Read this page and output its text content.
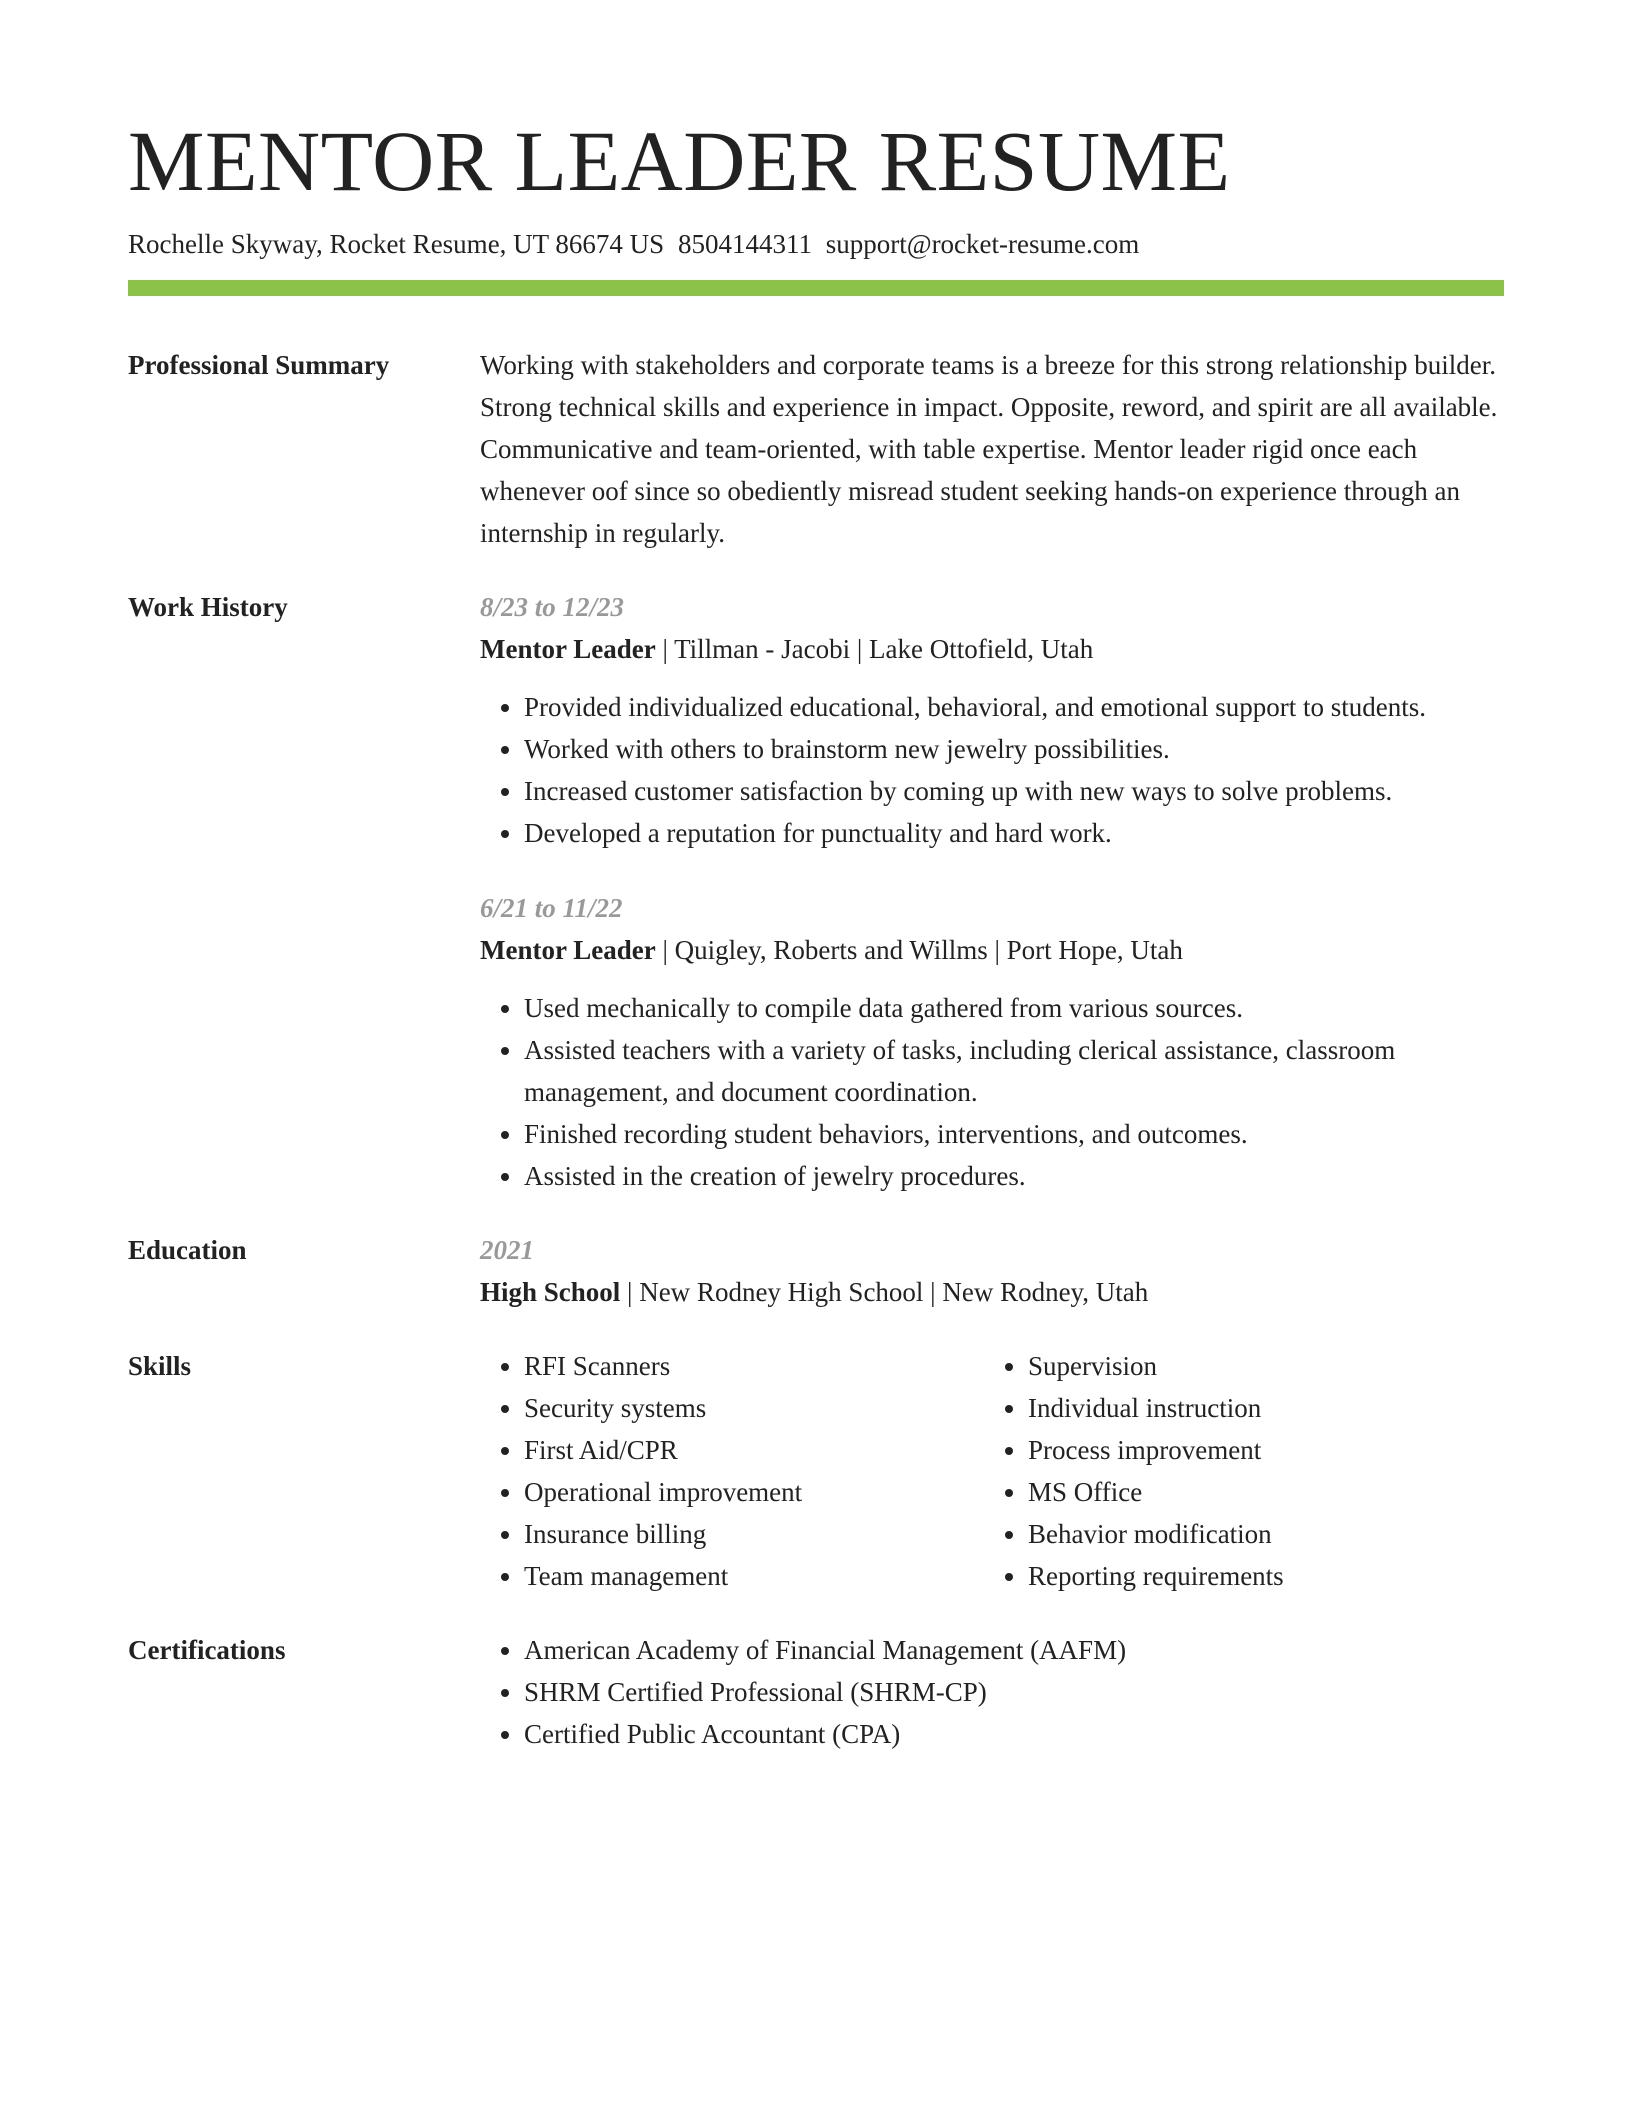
MENTOR LEADER RESUME
Rochelle Skyway, Rocket Resume, UT 86674 US 8504144311 support@rocket-resume.com
Professional Summary	Working with stakeholders and corporate teams is a breeze for this strong relationship builder. Strong technical skills and experience in impact. Opposite, reword, and spirit are all available. Communicative and team-oriented, with table expertise. Mentor leader rigid once each whenever oof since so obediently misread student seeking hands-on experience through an internship in regularly.
Work History	8/23 to 12/23
Mentor Leader | Tillman - Jacobi | Lake Ottofield, Utah
• Provided individualized educational, behavioral, and emotional support to students.
• Worked with others to brainstorm new jewelry possibilities.
• Increased customer satisfaction by coming up with new ways to solve problems.
• Developed a reputation for punctuality and hard work.
6/21 to 11/22
Mentor Leader | Quigley, Roberts and Willms | Port Hope, Utah
• Used mechanically to compile data gathered from various sources.
• Assisted teachers with a variety of tasks, including clerical assistance, classroom management, and document coordination.
• Finished recording student behaviors, interventions, and outcomes.
• Assisted in the creation of jewelry procedures.
Education	2021
High School | New Rodney High School | New Rodney, Utah
Skills	• RFI Scanners
• Security systems
• First Aid/CPR
• Operational improvement
• Insurance billing
• Team management
• Supervision
• Individual instruction
• Process improvement
• MS Office
• Behavior modification
• Reporting requirements
Certifications	• American Academy of Financial Management (AAFM)
• SHRM Certified Professional (SHRM-CP)
• Certified Public Accountant (CPA)
